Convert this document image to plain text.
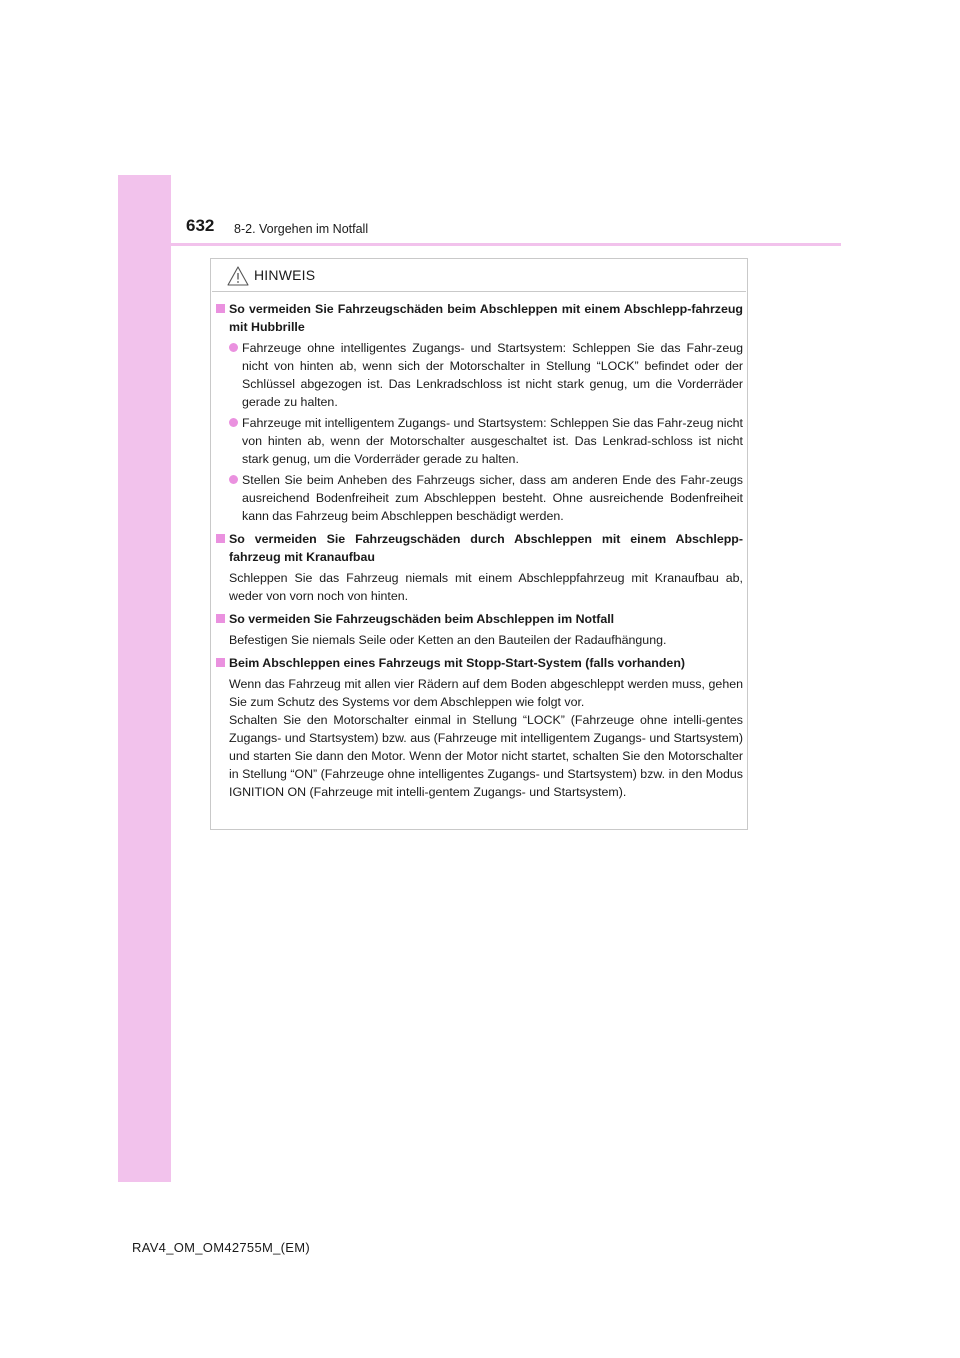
632 8-2. Vorgehen im Notfall
HINWEIS
So vermeiden Sie Fahrzeugschäden beim Abschleppen mit einem Abschlepp-fahrzeug mit Hubbrille
Fahrzeuge ohne intelligentes Zugangs- und Startsystem: Schleppen Sie das Fahr-zeug nicht von hinten ab, wenn sich der Motorschalter in Stellung “LOCK” befindet oder der Schlüssel abgezogen ist. Das Lenkradschloss ist nicht stark genug, um die Vorderräder gerade zu halten.
Fahrzeuge mit intelligentem Zugangs- und Startsystem: Schleppen Sie das Fahr-zeug nicht von hinten ab, wenn der Motorschalter ausgeschaltet ist. Das Lenkrad-schloss ist nicht stark genug, um die Vorderräder gerade zu halten.
Stellen Sie beim Anheben des Fahrzeugs sicher, dass am anderen Ende des Fahr-zeugs ausreichend Bodenfreiheit zum Abschleppen besteht. Ohne ausreichende Bodenfreiheit kann das Fahrzeug beim Abschleppen beschädigt werden.
So vermeiden Sie Fahrzeugschäden durch Abschleppen mit einem Abschlepp-fahrzeug mit Kranaufbau
Schleppen Sie das Fahrzeug niemals mit einem Abschleppfahrzeug mit Kranaufbau ab, weder von vorn noch von hinten.
So vermeiden Sie Fahrzeugschäden beim Abschleppen im Notfall
Befestigen Sie niemals Seile oder Ketten an den Bauteilen der Radaufhängung.
Beim Abschleppen eines Fahrzeugs mit Stopp-Start-System (falls vorhanden)
Wenn das Fahrzeug mit allen vier Rädern auf dem Boden abgeschleppt werden muss, gehen Sie zum Schutz des Systems vor dem Abschleppen wie folgt vor.
Schalten Sie den Motorschalter einmal in Stellung “LOCK” (Fahrzeuge ohne intelli-gentes Zugangs- und Startsystem) bzw. aus (Fahrzeuge mit intelligentem Zugangs- und Startsystem) und starten Sie dann den Motor. Wenn der Motor nicht startet, schalten Sie den Motorschalter in Stellung “ON” (Fahrzeuge ohne intelligentes Zugangs- und Startsystem) bzw. in den Modus IGNITION ON (Fahrzeuge mit intelli-gentem Zugangs- und Startsystem).
RAV4_OM_OM42755M_(EM)
